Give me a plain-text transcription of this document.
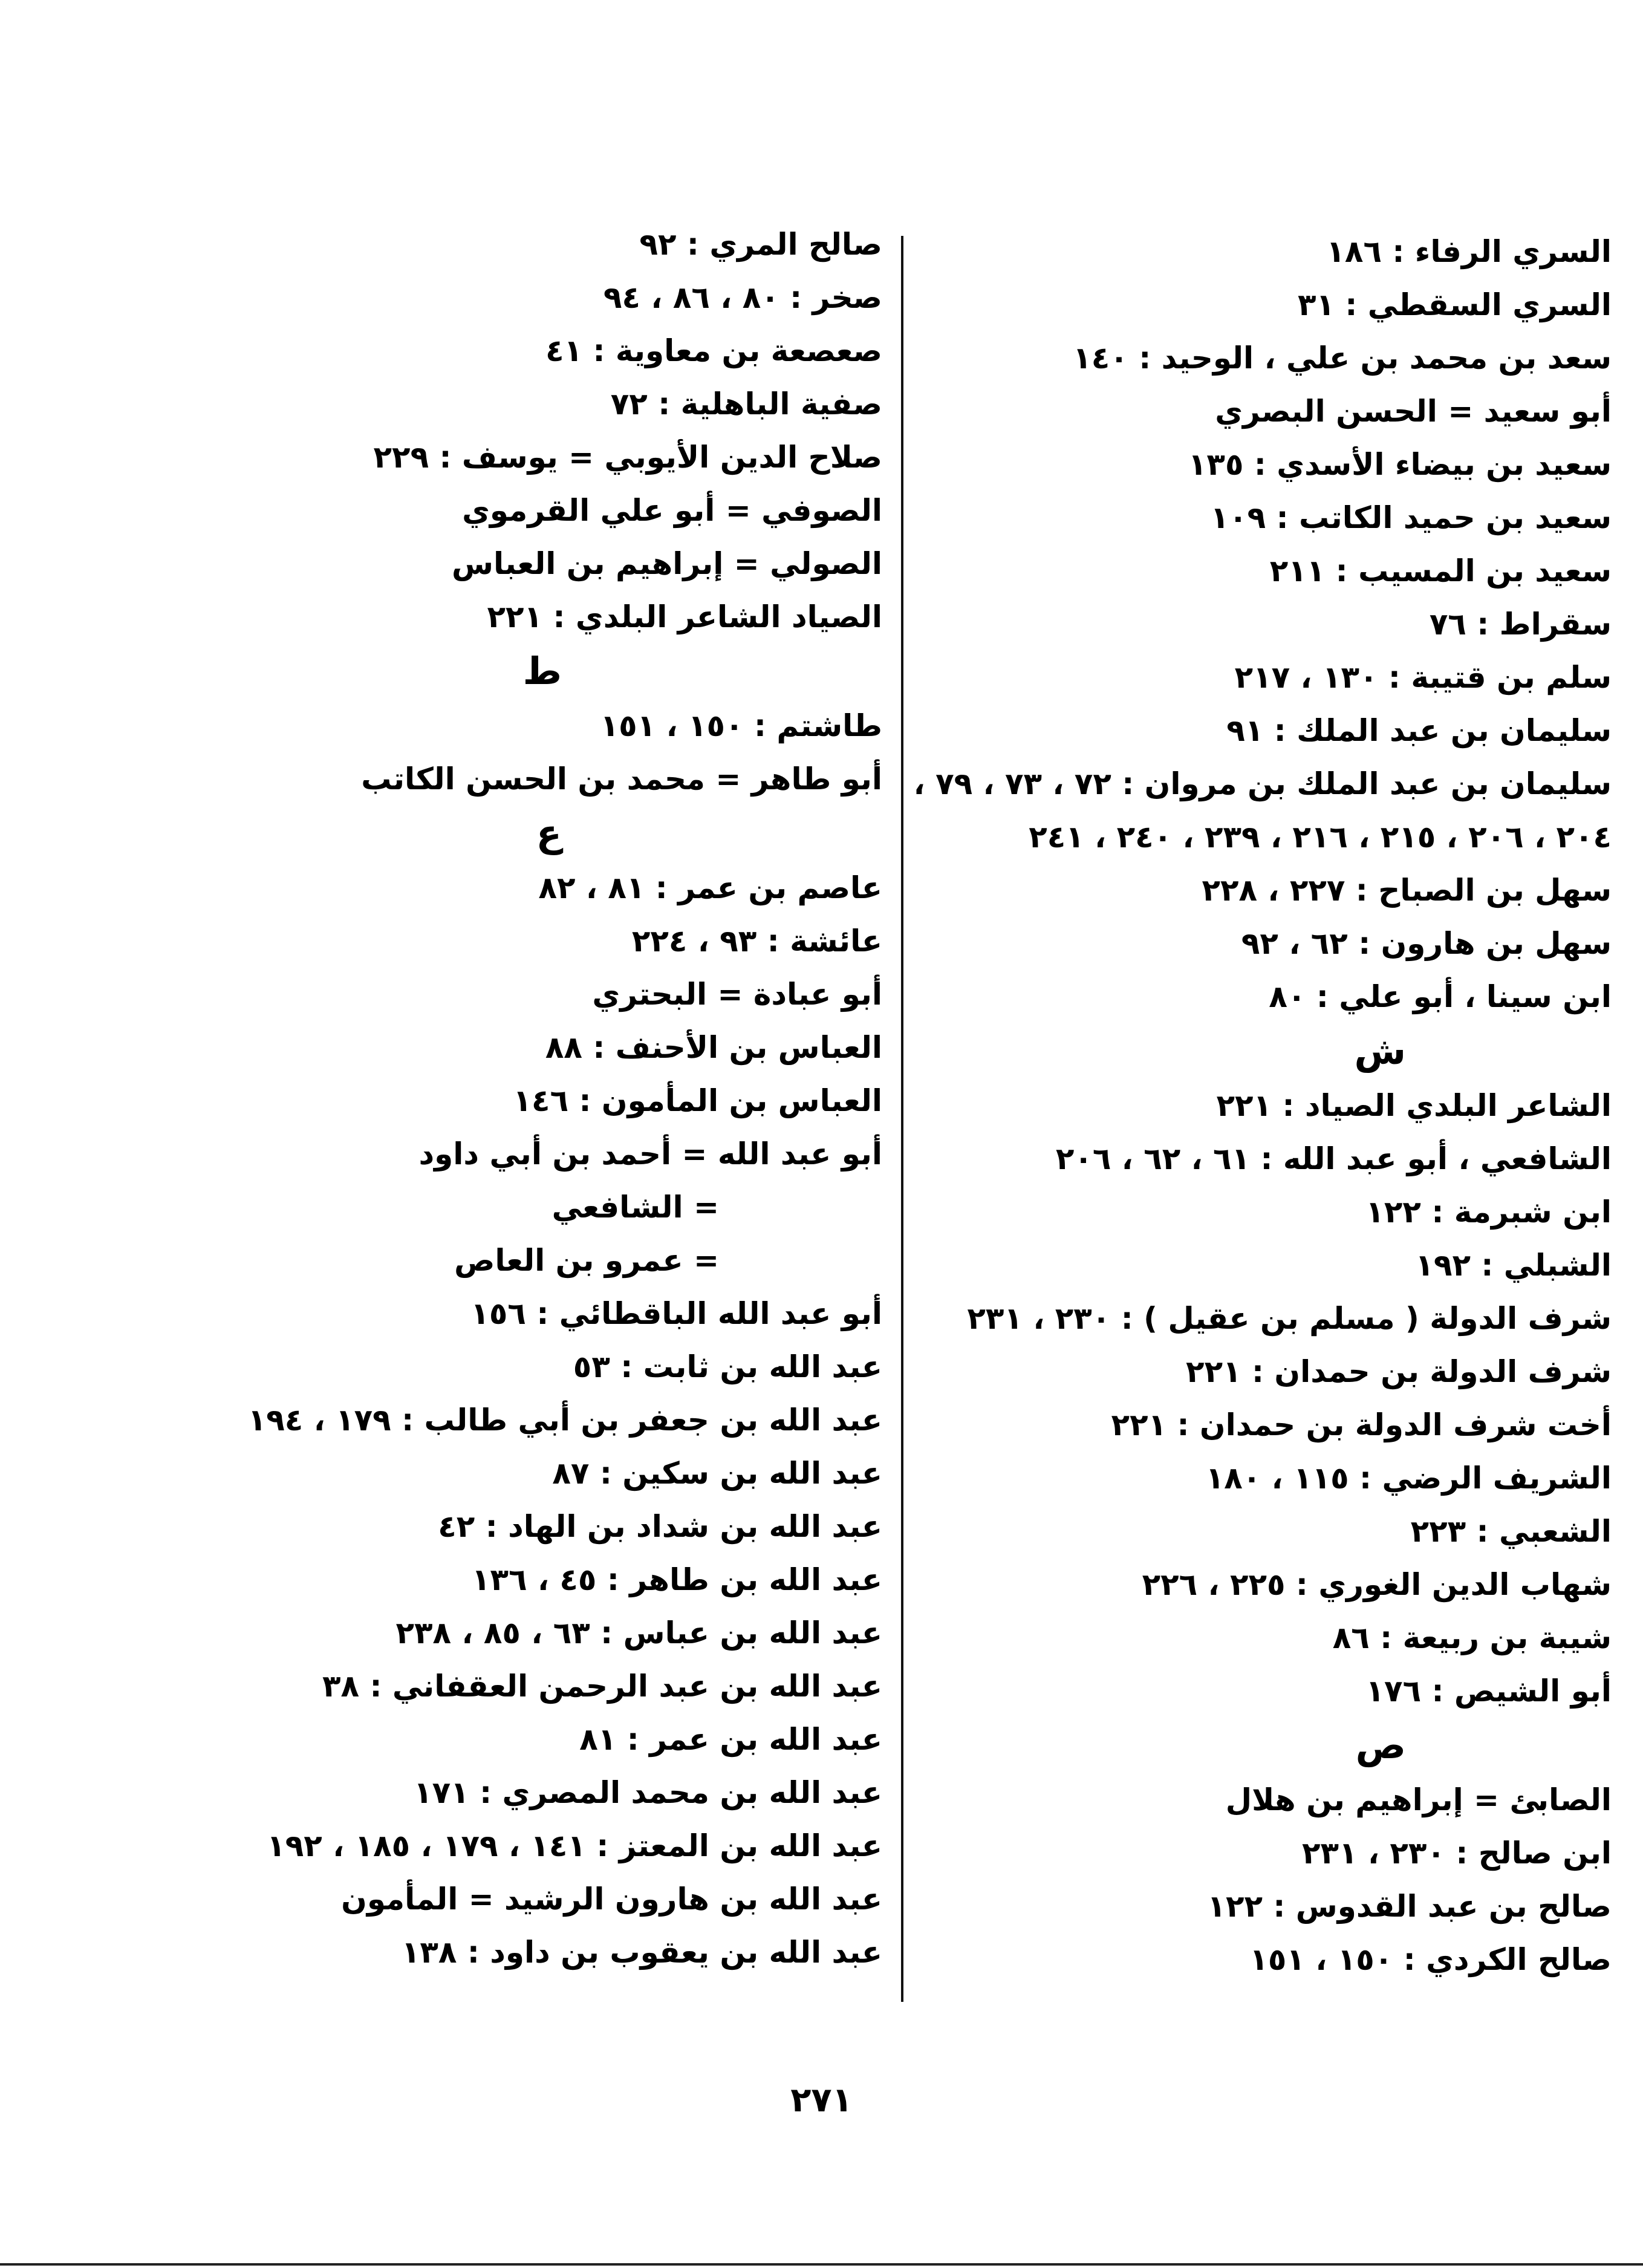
السري الرفاء : ١٨٦
السري السقطي : ٣١
سعد بن محمد بن علي ، الوحيد : ١٤٠
أبو سعيد = الحسن البصري
سعيد بن بيضاء الأسدي : ١٣٥
سعيد بن حميد الكاتب : ١٠٩
سعيد بن المسيب : ٢١١
سقراط : ٧٦
سلم بن قتيبة : ١٣٠ ، ٢١٧
سليمان بن عبد الملك : ٩١
سليمان بن عبد الملك بن مروان : ٧٢ ، ٧٣ ، ٧٩ ،
٢٠٤ ، ٢٠٦ ، ٢١٥ ، ٢١٦ ، ٢٣٩ ، ٢٤٠ ، ٢٤١
سهل بن الصباح : ٢٢٧ ، ٢٢٨
سهل بن هارون : ٦٢ ، ٩٢
ابن سينا ، أبو علي : ٨٠
ش
الشاعر البلدي الصياد : ٢٢١
الشافعي ، أبو عبد الله : ٦١ ، ٦٢ ، ٢٠٦
ابن شبرمة : ١٢٢
الشبلي : ١٩٢
شرف الدولة ( مسلم بن عقيل ) : ٢٣٠ ، ٢٣١
شرف الدولة بن حمدان : ٢٢١
أخت شرف الدولة بن حمدان : ٢٢١
الشريف الرضي : ١١٥ ، ١٨٠
الشعبي : ٢٢٣
شهاب الدين الغوري : ٢٢٥ ، ٢٢٦
شيبة بن ربيعة : ٨٦
أبو الشيص : ١٧٦
ص
الصابئ = إبراهيم بن هلال
ابن صالح : ٢٣٠ ، ٢٣١
صالح بن عبد القدوس : ١٢٢
صالح الكردي : ١٥٠ ، ١٥١
صالح المري : ٩٢
صخر : ٨٠ ، ٨٦ ، ٩٤
صعصعة بن معاوية : ٤١
صفية الباهلية : ٧٢
صلاح الدين الأيوبي = يوسف : ٢٢٩
الصوفي = أبو علي القرموي
الصولي = إبراهيم بن العباس
الصياد الشاعر البلدي : ٢٢١
ط
طاشتم : ١٥٠ ، ١٥١
أبو طاهر = محمد بن الحسن الكاتب
ع
عاصم بن عمر : ٨١ ، ٨٢
عائشة : ٩٣ ، ٢٢٤
أبو عبادة = البحتري
العباس بن الأحنف : ٨٨
العباس بن المأمون : ١٤٦
أبو عبد الله = أحمد بن أبي داود
= الشافعي
= عمرو بن العاص
أبو عبد الله الباقطائي : ١٥٦
عبد الله بن ثابت : ٥٣
عبد الله بن جعفر بن أبي طالب : ١٧٩ ، ١٩٤
عبد الله بن سكين : ٨٧
عبد الله بن شداد بن الهاد : ٤٢
عبد الله بن طاهر : ٤٥ ، ١٣٦
عبد الله بن عباس : ٦٣ ، ٨٥ ، ٢٣٨
عبد الله بن عبد الرحمن العقفاني : ٣٨
عبد الله بن عمر : ٨١
عبد الله بن محمد المصري : ١٧١
عبد الله بن المعتز : ١٤١ ، ١٧٩ ، ١٨٥ ، ١٩٢
عبد الله بن هارون الرشيد = المأمون
عبد الله بن يعقوب بن داود : ١٣٨
٢٧١
